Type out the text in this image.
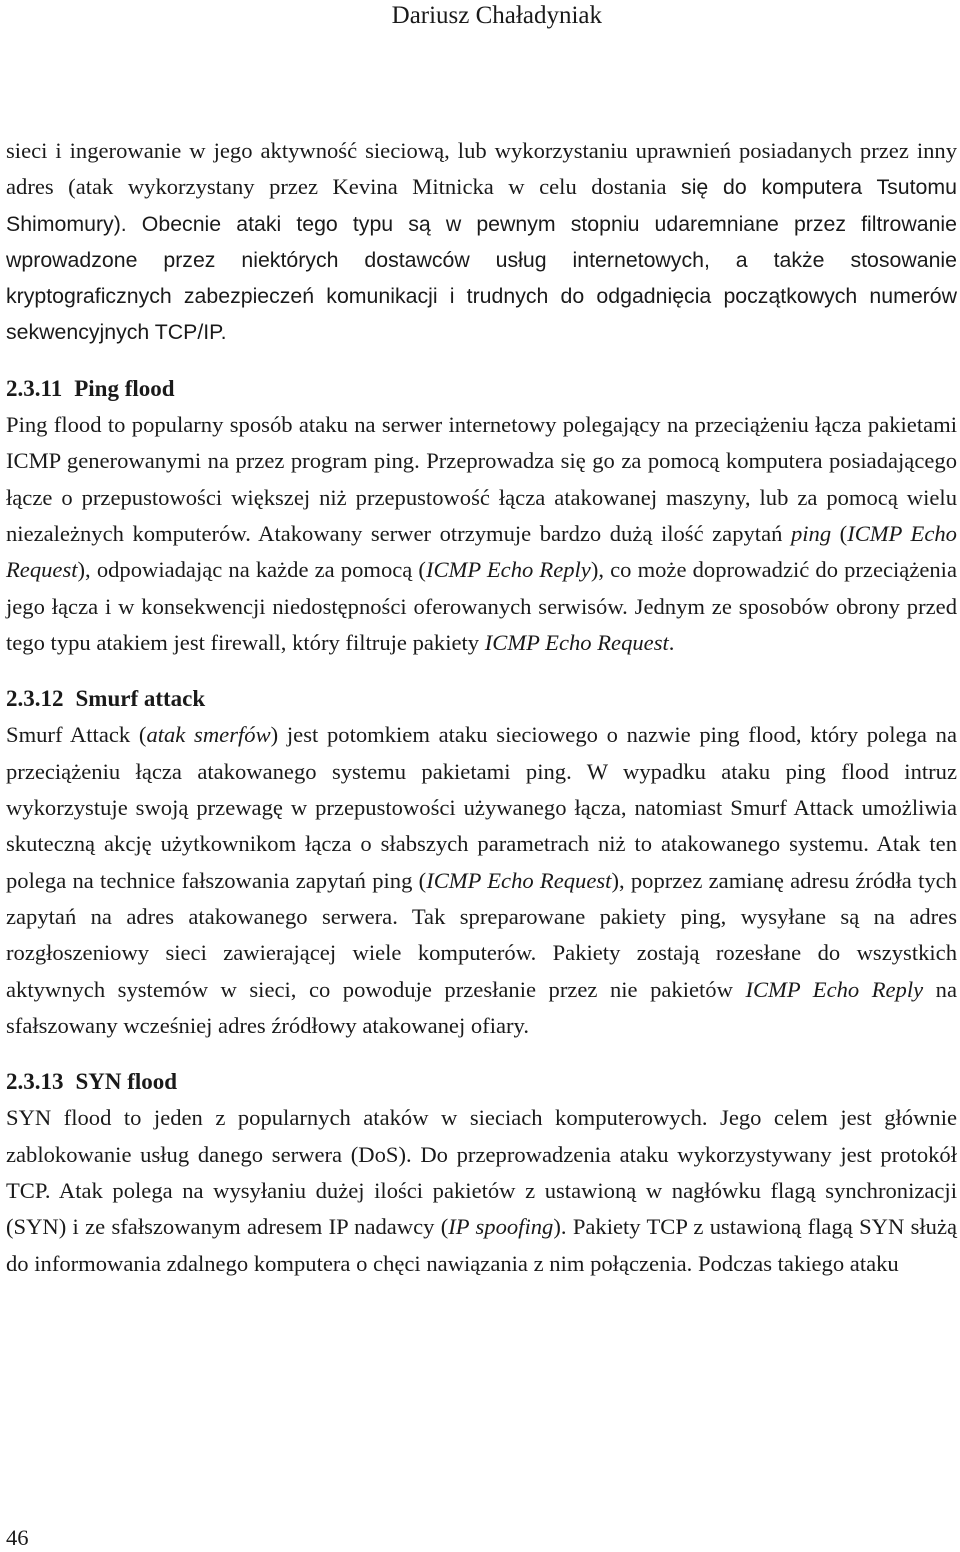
Dariusz Chaładyniak

sieci i ingerowanie w jego aktywność sieciową, lub wykorzystaniu uprawnień posiadanych przez inny adres (atak wykorzystany przez Kevina Mitnicka w celu dostania się do komputera Tsutomu Shimomury). Obecnie ataki tego typu są w pewnym stopniu udaremniane przez filtrowanie wprowadzone przez niektórych dostawców usług internetowych, a także stosowanie kryptograficznych zabezpieczeń komunikacji i trudnych do odgadnięcia początkowych numerów sekwencyjnych TCP/IP.

2.3.11 Ping flood

Ping flood to popularny sposób ataku na serwer internetowy polegający na przeciążeniu łącza pakietami ICMP generowanymi na przez program ping. Przeprowadza się go za pomocą komputera posiadającego łącze o przepustowości większej niż przepustowość łącza atakowanej maszyny, lub za pomocą wielu niezależnych komputerów. Atakowany serwer otrzymuje bardzo dużą ilość zapytań ping (ICMP Echo Request), odpowiadając na każde za pomocą (ICMP Echo Reply), co może doprowadzić do przeciążenia jego łącza i w konsekwencji niedostępności oferowanych serwisów. Jednym ze sposobów obrony przed tego typu atakiem jest firewall, który filtruje pakiety ICMP Echo Request.

2.3.12 Smurf attack

Smurf Attack (atak smerfów) jest potomkiem ataku sieciowego o nazwie ping flood, który polega na przeciążeniu łącza atakowanego systemu pakietami ping. W wypadku ataku ping flood intruz wykorzystuje swoją przewagę w przepustowości używanego łącza, natomiast Smurf Attack umożliwia skuteczną akcję użytkownikom łącza o słabszych parametrach niż to atakowanego systemu. Atak ten polega na technice fałszowania zapytań ping (ICMP Echo Request), poprzez zamianę adresu źródła tych zapytań na adres atakowanego serwera. Tak spreparowane pakiety ping, wysyłane są na adres rozgłoszeniowy sieci zawierającej wiele komputerów. Pakiety zostają rozesłane do wszystkich aktywnych systemów w sieci, co powoduje przesłanie przez nie pakietów ICMP Echo Reply na sfałszowany wcześniej adres źródłowy atakowanej ofiary.

2.3.13 SYN flood

SYN flood to jeden z popularnych ataków w sieciach komputerowych. Jego celem jest głównie zablokowanie usług danego serwera (DoS). Do przeprowadzenia ataku wykorzystywany jest protokół TCP. Atak polega na wysyłaniu dużej ilości pakietów z ustawioną w nagłówku flagą synchronizacji (SYN) i ze sfałszowanym adresem IP nadawcy (IP spoofing). Pakiety TCP z ustawioną flagą SYN służą do informowania zdalnego komputera o chęci nawiązania z nim połączenia. Podczas takiego ataku

46
